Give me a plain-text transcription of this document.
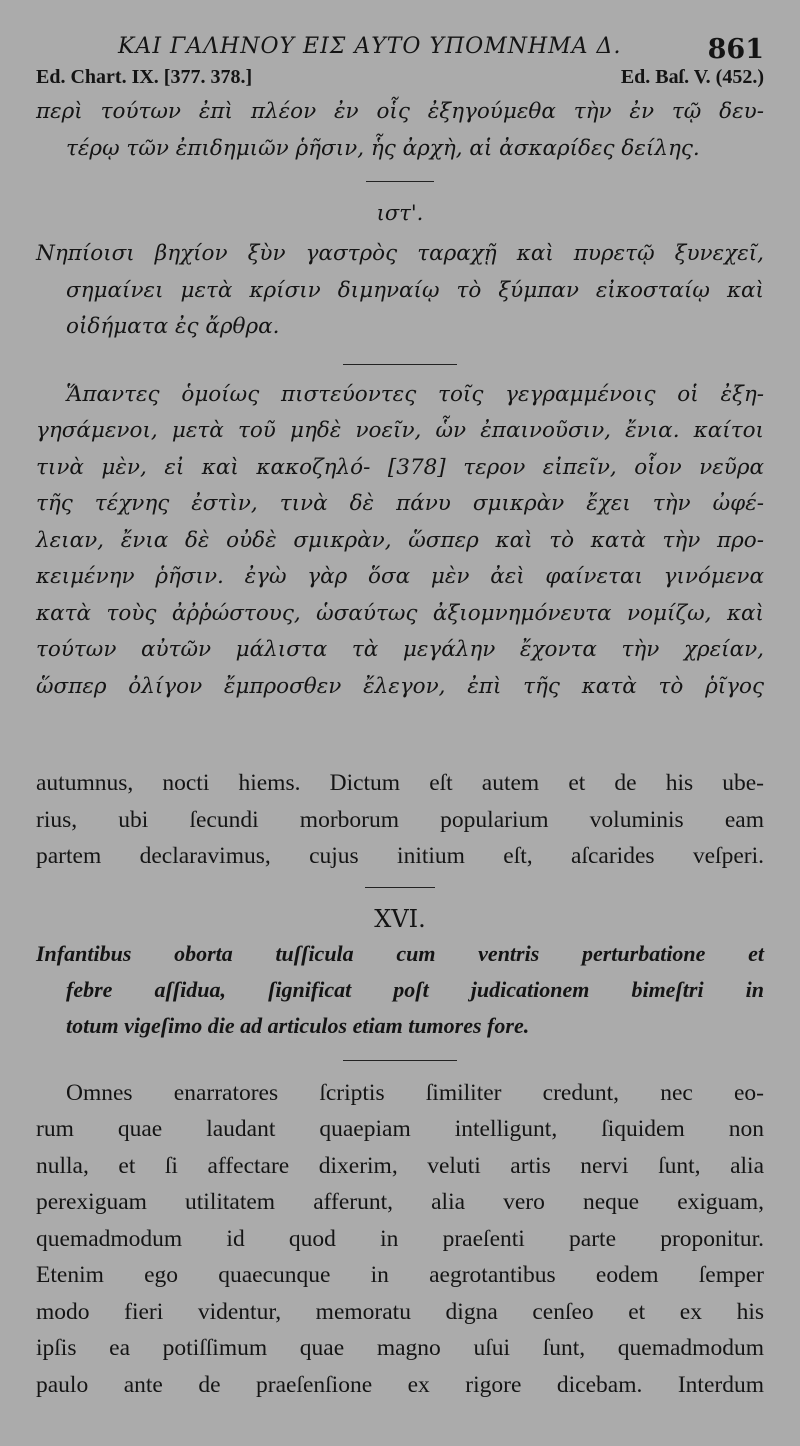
ΚΑΙ ΓΑΛΗΝΟΥ ΕΙΣ ΑΥΤΟ ΥΠΟΜΝΗΜΑ Δ.	861
Ed. Chart. IX. [377. 378.]	Ed. Baſ. V. (452.)
περὶ τούτων ἐπὶ πλέον ἐν οἷς ἐξηγούμεθα τὴν ἐν τῷ δευ-
τέρῳ τῶν ἐπιδημιῶν ῥῆσιν, ἧς ἀρχὴ, αἱ ἀσκαρίδες δείλης.
ιστ'.
Νηπίοισι βηχίον ξὺν γαστρὸς ταραχῇ καὶ πυρετῷ ξυνεχεῖ,
σημαίνει μετὰ κρίσιν διμηναίῳ τὸ ξύμπαν εἰκοσταίῳ καὶ
οἰδήματα ἐς ἄρθρα.
Ἅπαντες ὁμοίως πιστεύοντες τοῖς γεγραμμένοις οἱ ἐξη-
γησάμενοι, μετὰ τοῦ μηδὲ νοεῖν, ὧν ἐπαινοῦσιν, ἔνια. καίτοι
τινὰ μὲν, εἰ καὶ κακοζηλό- [378] τερον εἰπεῖν, οἷον νεῦρα
τῆς τέχνης ἐστὶν, τινὰ δὲ πάνυ σμικρὰν ἔχει τὴν ὠφέ-
λειαν, ἔνια δὲ οὐδὲ σμικρὰν, ὥσπερ καὶ τὸ κατὰ τὴν προ-
κειμένην ῥῆσιν. ἐγὼ γὰρ ὅσα μὲν ἀεὶ φαίνεται γινόμενα
κατὰ τοὺς ἀῤῥώστους, ὡσαύτως ἀξιομνημόνευτα νομίζω, καὶ
τούτων αὐτῶν μάλιστα τὰ μεγάλην ἔχοντα τὴν χρείαν,
ὥσπερ ὀλίγον ἔμπροσθεν ἔλεγον, ἐπὶ τῆς κατὰ τὸ ῥῖγος
autumnus, nocti hiems. Dictum eſt autem et de his ube-
rius, ubi ſecundi morborum popularium voluminis eam
partem declaravimus, cujus initium eſt, aſcarides veſperi.
XVI.
Infantibus oborta tuſſicula cum ventris perturbatione et
febre aſſidua, ſignificat poſt judicationem bimeſtri in
totum vigeſimo die ad articulos etiam tumores fore.
Omnes enarratores ſcriptis ſimiliter credunt, nec eo-
rum quae laudant quaepiam intelligunt, ſiquidem non
nulla, et ſi affectare dixerim, veluti artis nervi ſunt, alia
perexiguam utilitatem afferunt, alia vero neque exiguam,
quemadmodum id quod in praeſenti parte proponitur.
Etenim ego quaecunque in aegrotantibus eodem ſemper
modo fieri videntur, memoratu digna cenſeo et ex his
ipſis ea potiſſimum quae magno uſui ſunt, quemadmodum
paulo ante de praeſenſione ex rigore dicebam. Interdum
